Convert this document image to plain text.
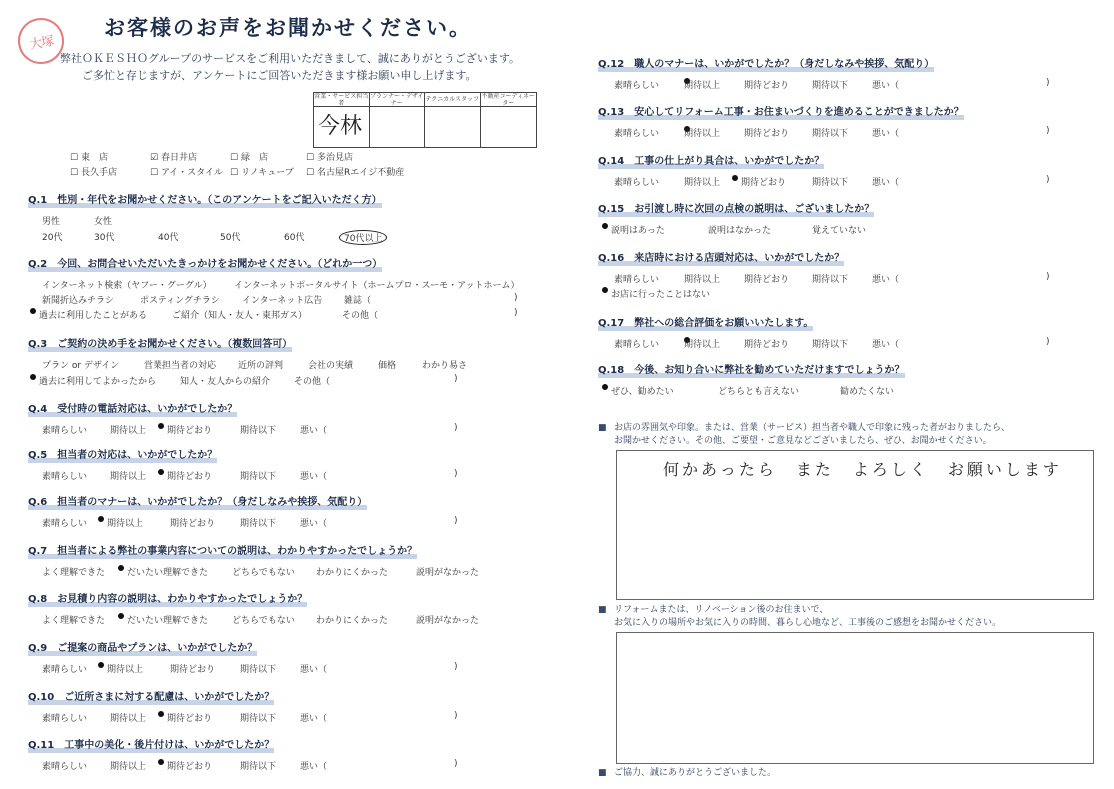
大塚
お客様のお声をお聞かせください。
弊社ＯＫＥＳＨＯグループのサービスをご利用いただきまして、誠にありがとうございます。
ご多忙と存じますが、アンケートにご回答いただきます様お願い申し上げます。
営業・サービス担当者
プランナー・デザイナー	テクニカルスタッフ 不動産コーディネーター
今林
☐ 東　店	☑ 春日井店	☐ 緑　店	☐ 多治見店
☐ 長久手店	☐ アイ・スタイル	☐ リノキューブ	☐ 名古屋Rエイジ不動産
Q.1　 性別・年代をお聞かせください。（このアンケートをご記入いただく方）
男性	女性
20代	30代	40代	50代	60代	70代以上
Q.2　 今回、お問合せいただいたきっかけをお聞かせください。（どれか一つ）
インターネット検索（ヤフー・グーグル） インターネットポータルサイト（ホームプロ・スーモ・アットホーム）
新聞折込みチラシ	ポスティングチラシ インターネット広告 雑誌（	)
過去に利用したことがある	ご紹介（知人・友人・東邦ガス）	その他（	)
Q.3　 ご契約の決め手をお聞かせください。（複数回答可）
プラン or デザイン	営業担当者の対応 近所の評判	会社の実績	価格	わかり易さ
過去に利用してよかったから	知人・友人からの紹介	その他（	)
Q.4　 受付時の電話対応は、いかがでしたか？
素晴らしい	期待以上 期待どおり	期待以下	悪い（	)
Q.5　 担当者の対応は、いかがでしたか？
素晴らしい	期待以上 期待どおり	期待以下	悪い（	)
Q.6　 担当者のマナーは、いかがでしたか？（身だしなみや挨拶、気配り）
素晴らしい 期待以上	期待どおり	期待以下	悪い（	)
Q.7　 担当者による弊社の事業内容についての説明は、わかりやすかったでしょうか？
よく理解できた だいたい理解できた	どちらでもない わかりにくかった	説明がなかった
Q.8　 お見積り内容の説明は、わかりやすかったでしょうか？
よく理解できた だいたい理解できた	どちらでもない わかりにくかった	説明がなかった
Q.9　 ご提案の商品やプランは、いかがでしたか？
素晴らしい 期待以上	期待どおり	期待以下	悪い（	)
Q.10　 ご近所さまに対する配慮は、いかがでしたか？
素晴らしい	期待以上 期待どおり	期待以下	悪い（	)
Q.11　 工事中の美化・後片付けは、いかがでしたか？
素晴らしい	期待以上 期待どおり	期待以下	悪い（	)
Q.12　 職人のマナーは、いかがでしたか？（身だしなみや挨拶、気配り）
素晴らしい	期待以上	期待どおり	期待以下	悪い（	)
Q.13　 安心してリフォーム工事・お住まいづくりを進めることができましたか？
素晴らしい	期待以上	期待どおり	期待以下	悪い（	)
Q.14　 工事の仕上がり具合は、いかがでしたか？
素晴らしい	期待以上 期待どおり	期待以下	悪い（	)
Q.15　 お引渡し時に次回の点検の説明は、ございましたか？
説明はあった	説明はなかった	覚えていない
Q.16　 来店時における店頭対応は、いかがでしたか？
素晴らしい	期待以上	期待どおり	期待以下	悪い（	)
お店に行ったことはない
Q.17　 弊社への総合評価をお願いいたします。
素晴らしい	期待以上	期待どおり	期待以下	悪い（	)
Q.18　 今後、お知り合いに弊社を勧めていただけますでしょうか？
ぜひ、勧めたい	どちらとも言えない	勧めたくない
■ お店の雰囲気や印象。または、営業（サービス）担当者や職人で印象に残った者がおりましたら、
お聞かせください。その他、ご要望・ご意見などございましたら、ぜひ、お聞かせください。
何かあったら　また　よろしく　お願いします
■ リフォームまたは、リノベーション後のお住まいで、
お気に入りの場所やお気に入りの時間、暮らし心地など、工事後のご感想をお聞かせください。
■ ご協力、誠にありがとうございました。
